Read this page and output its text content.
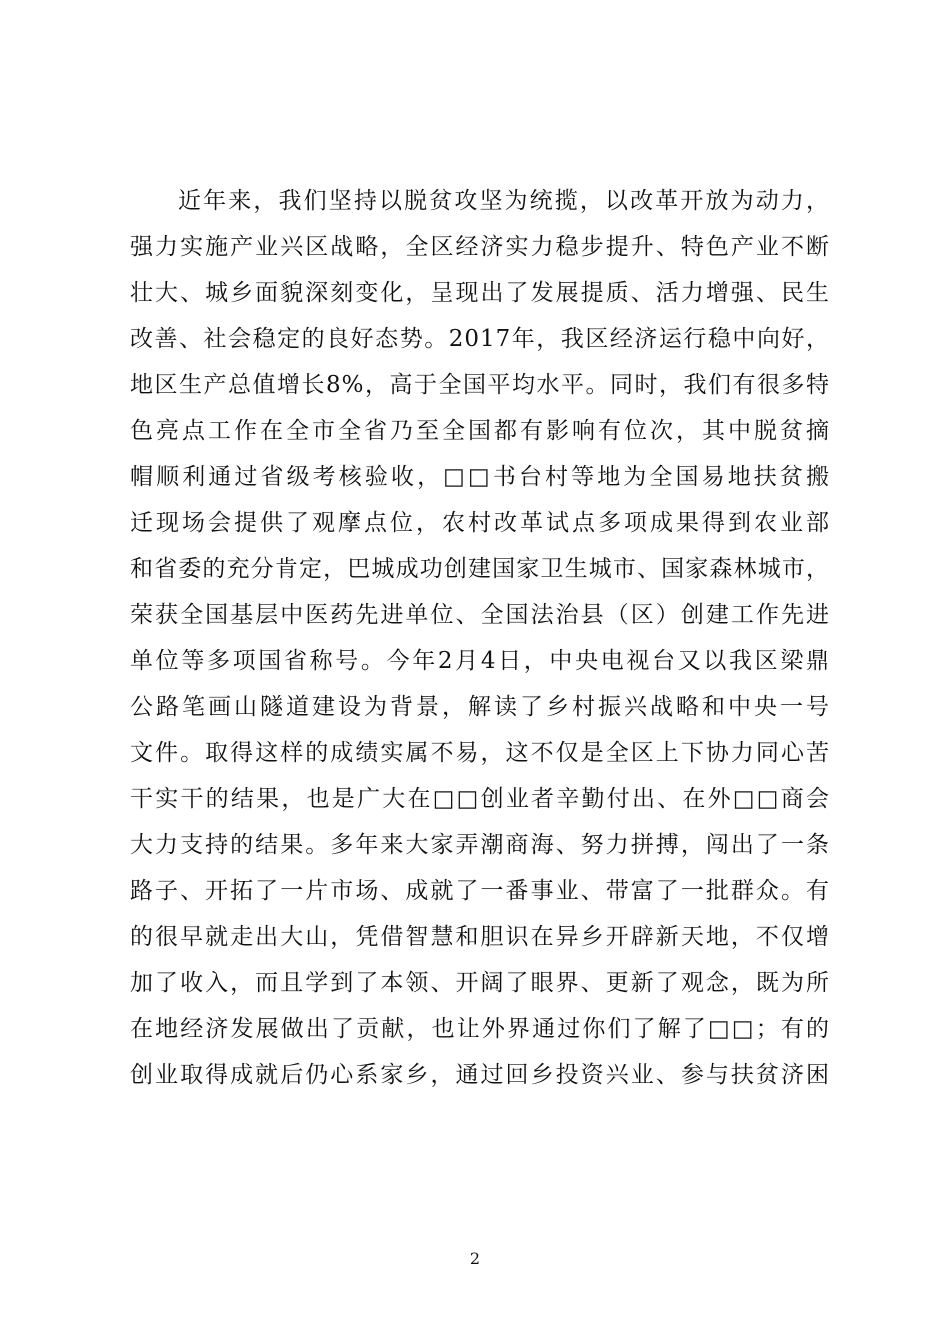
近年来，我们坚持以脱贫攻坚为统揽，以改革开放为动力，
强力实施产业兴区战略，全区经济实力稳步提升、特色产业不断
壮大、城乡面貌深刻变化，呈现出了发展提质、活力增强、民生
改善、社会稳定的良好态势。2017年，我区经济运行稳中向好，
地区生产总值增长8%，高于全国平均水平。同时，我们有很多特
色亮点工作在全市全省乃至全国都有影响有位次，其中脱贫摘
帽顺利通过省级考核验收，□□书台村等地为全国易地扶贫搬
迁现场会提供了观摩点位，农村改革试点多项成果得到农业部
和省委的充分肯定，巴城成功创建国家卫生城市、国家森林城市，
荣获全国基层中医药先进单位、全国法治县（区）创建工作先进
单位等多项国省称号。今年2月4日，中央电视台又以我区梁鼎
公路笔画山隧道建设为背景，解读了乡村振兴战略和中央一号
文件。取得这样的成绩实属不易，这不仅是全区上下协力同心苦
干实干的结果，也是广大在□□创业者辛勤付出、在外□□商会
大力支持的结果。多年来大家弄潮商海、努力拼搏，闯出了一条
路子、开拓了一片市场、成就了一番事业、带富了一批群众。有
的很早就走出大山，凭借智慧和胆识在异乡开辟新天地，不仅增
加了收入，而且学到了本领、开阔了眼界、更新了观念，既为所
在地经济发展做出了贡献，也让外界通过你们了解了□□；有的
创业取得成就后仍心系家乡，通过回乡投资兴业、参与扶贫济困
2
